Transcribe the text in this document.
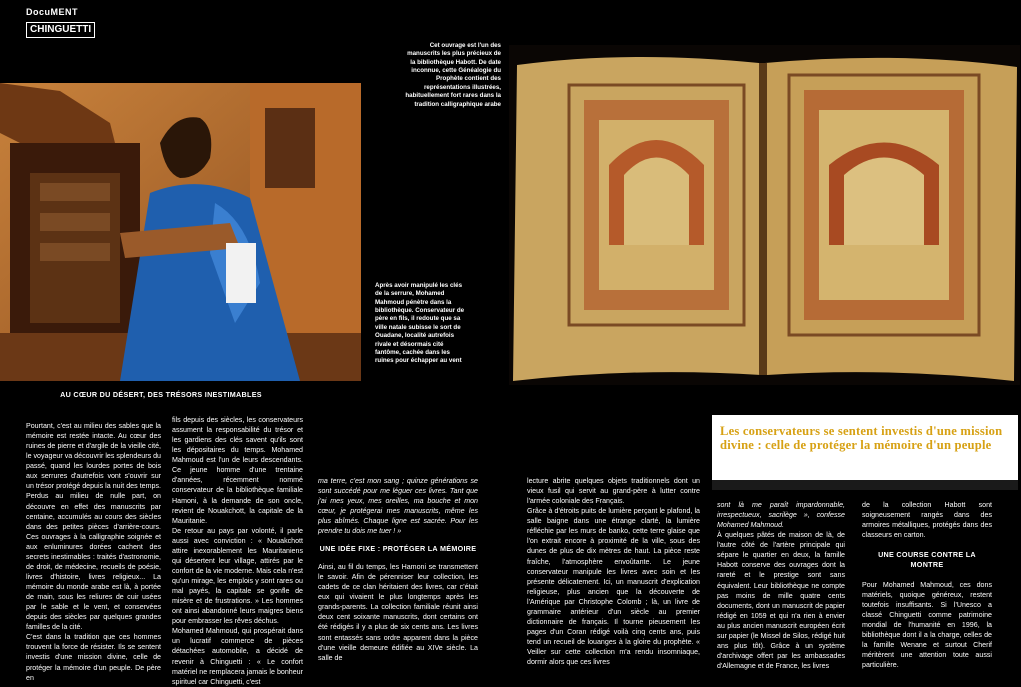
DocuMENT
CHINGUETTI
Cet ouvrage est l'un des manuscrits les plus précieux de la bibliothèque Habott. De date inconnue, cette Généalogie du Prophète contient des représentations illustrées, habituellement fort rares dans la tradition calligraphique arabe
Après avoir manipulé les clés de la serrure, Mohamed Mahmoud pénètre dans la bibliothèque. Conservateur de père en fils, il redoute que sa ville natale subisse le sort de Ouadane, localité autrefois rivale et désormais cité fantôme, cachée dans les ruines pour échapper au vent
AU CŒUR DU DÉSERT, DES TRÉSORS INESTIMABLES

Pourtant, c'est au milieu des sables que la mémoire est restée intacte. Au cœur des ruines de pierre et d'argile de la vieille cité, le voyageur va découvrir les splendeurs du passé, quand les lourdes portes de bois aux serrures d'autrefois vont s'ouvrir sur un trésor protégé depuis la nuit des temps. Perdus au milieu de nulle part, on découvre en effet des manuscrits par centaine, accumulés au cours des siècles dans des petites pièces d'arrière-cours. Ces ouvrages à la calligraphie soignée et aux enluminures dorées cachent des secrets inestimables : traités d'astronomie, de droit, de médecine, recueils de poésie, livres d'histoire, livres religieux... La mémoire du monde arabe est là, à portée de main, sous les reliures de cuir usées par le sable et le vent, et conservées depuis des siècles par quelques grandes familles de la cité.

C'est dans la tradition que ces hommes trouvent la force de résister. Ils se sentent investis d'une mission divine, celle de protéger la mémoire d'un peuple. De père en

fils depuis des siècles, les conservateurs assument la responsabilité du trésor et les gardiens des clés savent qu'ils sont les dépositaires du temps. Mohamed Mahmoud est l'un de leurs descendants. Ce jeune homme d'une trentaine d'années, récemment nommé conservateur de la bibliothèque familiale Hamoni, à la demande de son oncle, revient de Nouakchott, la capitale de la Mauritanie.

De retour au pays par volonté, il parle aussi avec conviction : « Nouakchott attire inexorablement les Mauritaniens qui désertent leur village, attirés par le confort de la vie moderne. Mais cela n'est qu'un mirage, les emplois y sont rares ou mal payés, la capitale se gonfle de misère et de frustrations. » Les hommes ont ainsi abandonné leurs maigres biens pour embrasser les rêves déchus.

Mohamed Mahmoud, qui prospérait dans un lucratif commerce de pièces détachées automobile, a décidé de revenir à Chinguetti : « Le confort matériel ne remplacera jamais le bonheur spirituel car Chinguetti, c'est

ma terre, c'est mon sang ; quinze générations se sont succédé pour me léguer ces livres. Tant que j'ai mes yeux, mes oreilles, ma bouche et mon cœur, je protégerai mes manuscrits, même les plus abîmés. Chaque ligne est sacrée. Pour les prendre tu dois me tuer ! »

UNE IDÉE FIXE : PROTÉGER LA MÉMOIRE

Ainsi, au fil du temps, les Hamoni se transmettent le savoir. Afin de pérenniser leur collection, les cadets de ce clan héritaient des livres, car c'était eux qui vivaient le plus longtemps après les grands-parents. La collection familiale réunit ainsi deux cent soixante manuscrits, dont certains ont été rédigés il y a plus de six cents ans. Les livres sont entassés sans ordre apparent dans la pièce d'une vieille demeure édifiée au XIVe siècle. La salle de

lecture abrite quelques objets traditionnels dont un vieux fusil qui servit au grand-père à lutter contre l'armée coloniale des Français.

Grâce à d'étroits puits de lumière perçant le plafond, la salle baigne dans une étrange clarté, la lumière réfléchie par les murs de banko, cette terre glaise que l'on extrait encore à proximité de la ville, sous des dunes de plus de dix mètres de haut. La pièce reste fraîche, l'atmosphère envoûtante. Le jeune conservateur manipule les livres avec soin et les présente délicatement. Ici, un manuscrit d'explication religieuse, plus ancien que la découverte de l'Amérique par Christophe Colomb ; là, un livre de grammaire antérieur d'un siècle au premier dictionnaire de français. Il tourne pieusement les pages d'un Coran rédigé voilà cinq cents ans, puis tend un recueil de louanges à la gloire du prophète. « Veiller sur cette collection m'a rendu insomniaque, dormir alors que ces livres

Les conservateurs se sentent investis d'une mission divine : celle de protéger la mémoire d'un peuple

sont là me paraît impardonnable, irrespectueux, sacrilège », confesse Mohamed Mahmoud.

À quelques pâtés de maison de là, de l'autre côté de l'artère principale qui sépare le quartier en deux, la famille Habott conserve des ouvrages dont la rareté et le prestige sont sans équivalent. Leur bibliothèque ne compte pas moins de mille quatre cents documents, dont un manuscrit de papier rédigé en 1059 et qui n'a rien à envier au plus ancien manuscrit européen écrit sur papier (le Missel de Silos, rédigé huit ans plus tôt). Grâce à un système d'archivage offert par les ambassades d'Allemagne et de France, les livres

de la collection Habott sont soigneusement rangés dans des armoires métalliques, protégés dans des classeurs en carton.

UNE COURSE CONTRE LA MONTRE

Pour Mohamed Mahmoud, ces dons matériels, quoique généreux, restent toutefois insuffisants. Si l'Unesco a classé Chinguetti comme patrimoine mondial de l'humanité en 1996, la bibliothèque dont il a la charge, celles de la famille Wenane et surtout Cherif méritèrent une attention toute aussi particulière.
